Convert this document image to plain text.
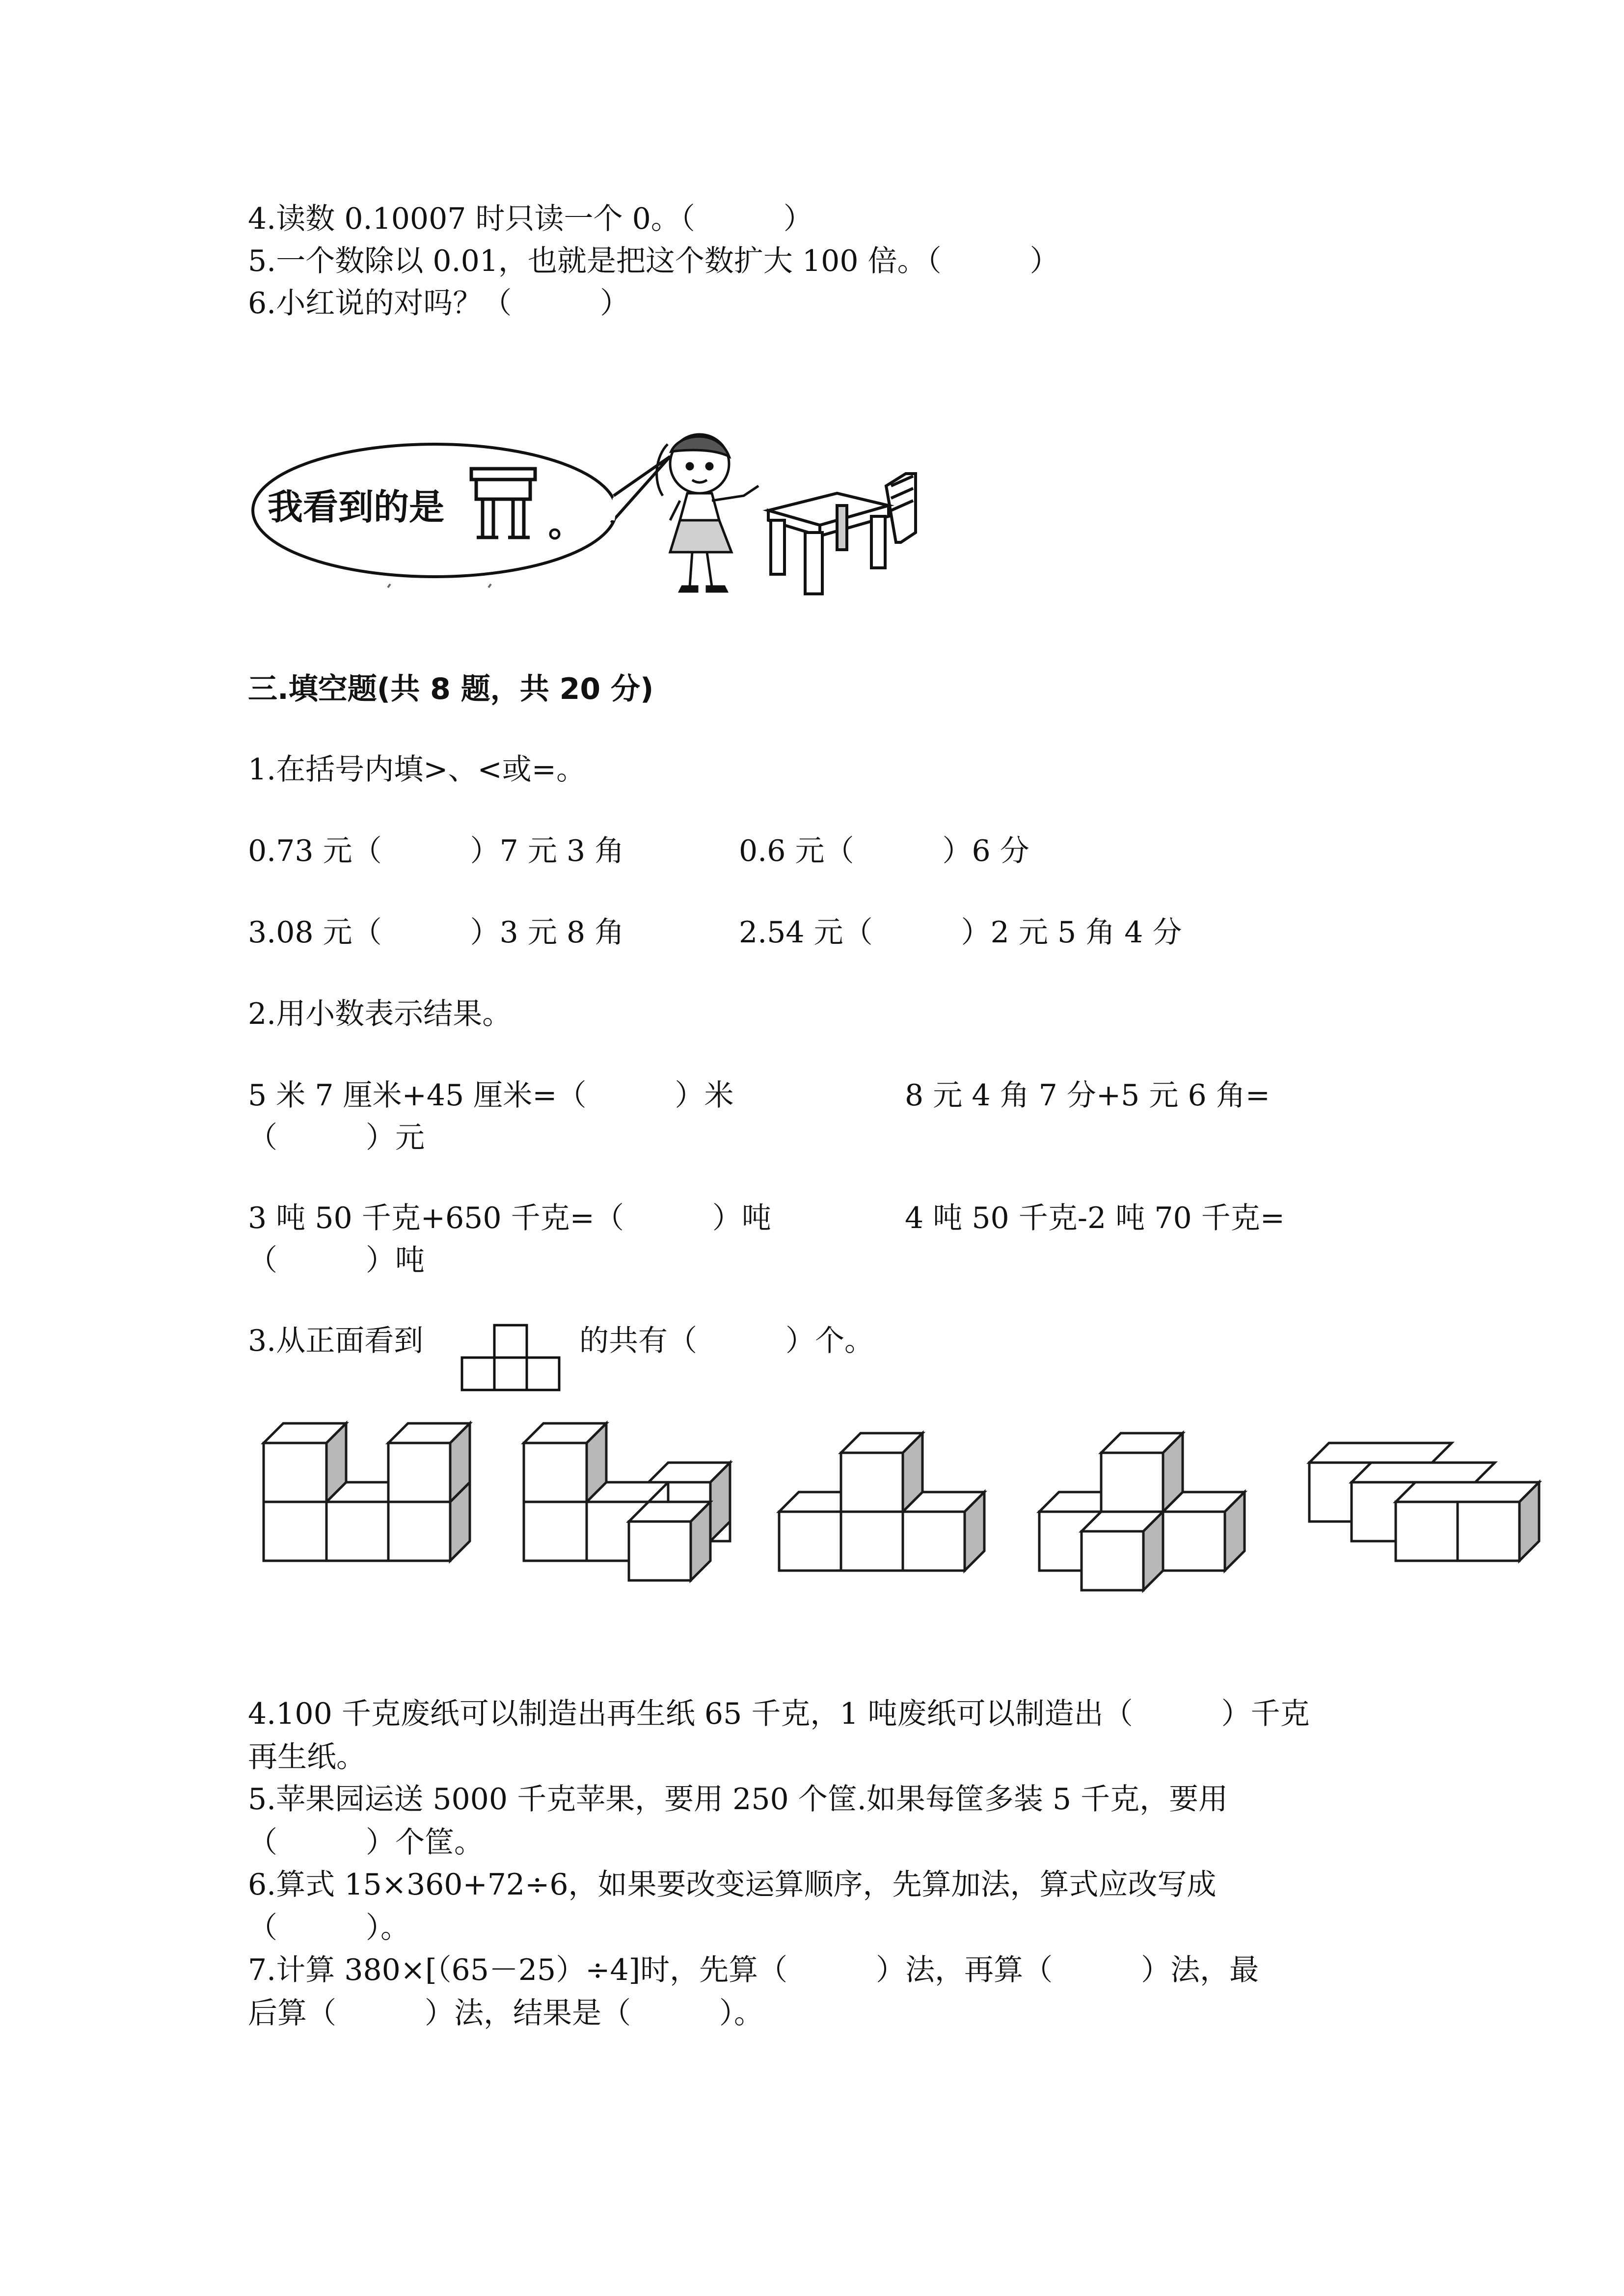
4.读数 0.10007 时只读一个 0。（　　　）
5.一个数除以 0.01，也就是把这个数扩大 100 倍。（　　　）
6.小红说的对吗？（　　　）
我看到的是
三.填空题(共 8 题，共 20 分)
1.在括号内填>、<或=。
0.73 元（　　　）7 元 3 角	0.6 元（　　　）6 分
3.08 元（　　　）3 元 8 角	2.54 元（　　　）2 元 5 角 4 分
2.用小数表示结果。
5 米 7 厘米+45 厘米=（　　　）米	8 元 4 角 7 分+5 元 6 角=
（　　　）元
3 吨 50 千克+650 千克=（　　　）吨	4 吨 50 千克-2 吨 70 千克=
（　　　）吨
3.从正面看到	的共有（　　　）个。
4.100 千克废纸可以制造出再生纸 65 千克，1 吨废纸可以制造出（　　　）千克
再生纸。
5.苹果园运送 5000 千克苹果，要用 250 个筐.如果每筐多装 5 千克，要用
（　　　）个筐。
6.算式 15×360+72÷6，如果要改变运算顺序，先算加法，算式应改写成
（　　　）。
7.计算 380×[（65－25）÷4]时，先算（　　　）法，再算（　　　）法，最
后算（　　　）法，结果是（　　　）。
